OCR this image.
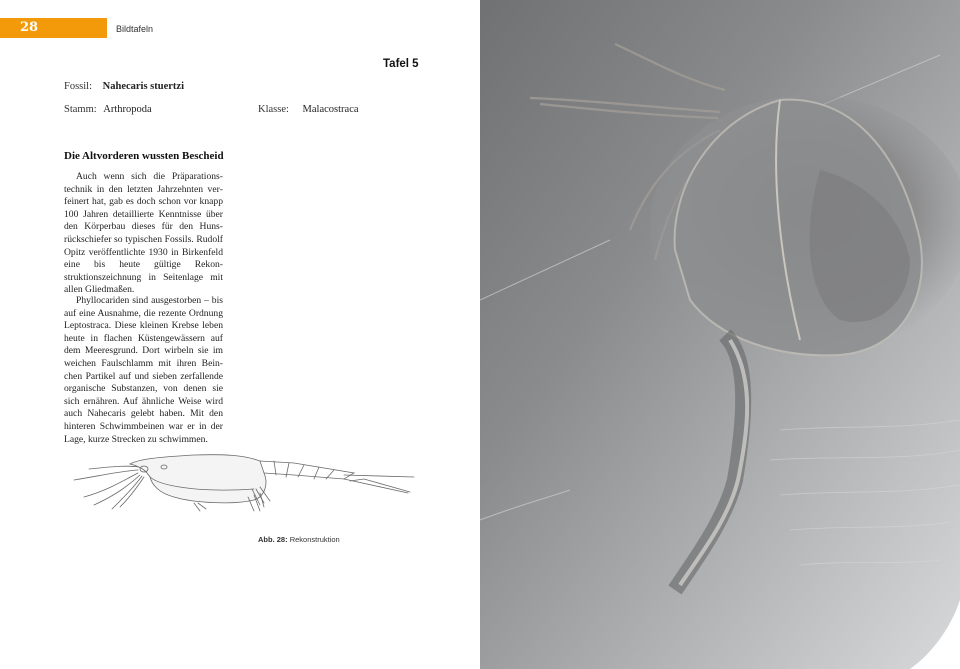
28	Bildtafeln
Tafel 5
Fossil: Nahecaris stuertzi
Stamm: Arthropoda	Klasse: Malacostraca
Die Altvorderen wussten Bescheid

Auch wenn sich die Präparationstechnik in den letzten Jahrzehnten verfeinert hat, gab es doch schon vor knapp 100 Jahren detaillierte Kenntnisse über den Körperbau dieses für den Hunsrückschiefer so typischen Fossils. Rudolf Opitz veröffentlichte 1930 in Birkenfeld eine bis heute gültige Rekonstruktionszeichnung in Seitenlage mit allen Gliedmaßen.

Phyllocariden sind ausgestorben – bis auf eine Ausnahme, die rezente Ordnung Leptostraca. Diese kleinen Krebse leben heute in flachen Küstengewässern auf dem Meeresgrund. Dort wirbeln sie im weichen Faulschlamm mit ihren Beinchen Partikel auf und sieben zerfallende organische Substanzen, von denen sie sich ernähren. Auf ähnliche Weise wird auch Nahecaris gelebt haben. Mit den hinteren Schwimmbeinen war er in der Lage, kurze Strecken zu schwimmen.

Abb. 28: Rekonstruktion
